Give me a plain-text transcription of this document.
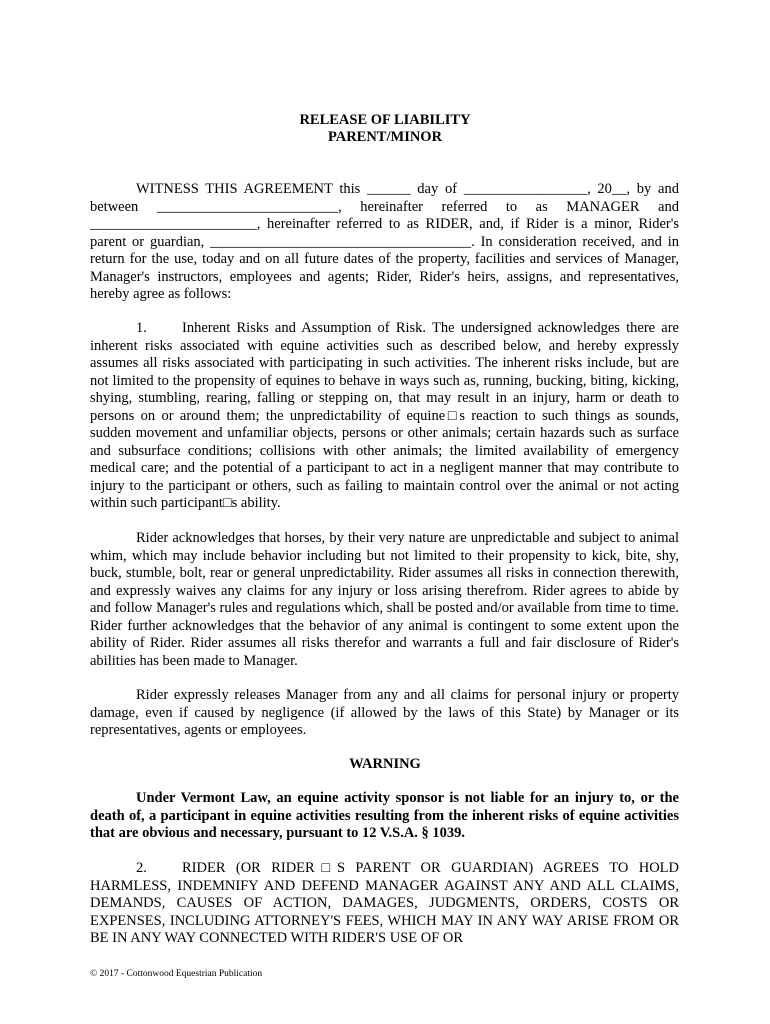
RELEASE OF LIABILITY
PARENT/MINOR
WITNESS THIS AGREEMENT this ______ day of _________________, 20__, by and between _________________________, hereinafter referred to as MANAGER and _______________________, hereinafter referred to as RIDER, and, if Rider is a minor, Rider's parent or guardian, ____________________________________. In consideration received, and in return for the use, today and on all future dates of the property, facilities and services of Manager, Manager's instructors, employees and agents; Rider, Rider's heirs, assigns, and representatives, hereby agree as follows:
1. Inherent Risks and Assumption of Risk. The undersigned acknowledges there are inherent risks associated with equine activities such as described below, and hereby expressly assumes all risks associated with participating in such activities. The inherent risks include, but are not limited to the propensity of equines to behave in ways such as, running, bucking, biting, kicking, shying, stumbling, rearing, falling or stepping on, that may result in an injury, harm or death to persons on or around them; the unpredictability of equine□s reaction to such things as sounds, sudden movement and unfamiliar objects, persons or other animals; certain hazards such as surface and subsurface conditions; collisions with other animals; the limited availability of emergency medical care; and the potential of a participant to act in a negligent manner that may contribute to injury to the participant or others, such as failing to maintain control over the animal or not acting within such participant□s ability.
Rider acknowledges that horses, by their very nature are unpredictable and subject to animal whim, which may include behavior including but not limited to their propensity to kick, bite, shy, buck, stumble, bolt, rear or general unpredictability. Rider assumes all risks in connection therewith, and expressly waives any claims for any injury or loss arising therefrom. Rider agrees to abide by and follow Manager's rules and regulations which, shall be posted and/or available from time to time. Rider further acknowledges that the behavior of any animal is contingent to some extent upon the ability of Rider. Rider assumes all risks therefor and warrants a full and fair disclosure of Rider's abilities has been made to Manager.
Rider expressly releases Manager from any and all claims for personal injury or property damage, even if caused by negligence (if allowed by the laws of this State) by Manager or its representatives, agents or employees.
WARNING
Under Vermont Law, an equine activity sponsor is not liable for an injury to, or the death of, a participant in equine activities resulting from the inherent risks of equine activities that are obvious and necessary, pursuant to 12 V.S.A. § 1039.
2. RIDER (OR RIDER□S PARENT OR GUARDIAN) AGREES TO HOLD HARMLESS, INDEMNIFY AND DEFEND MANAGER AGAINST ANY AND ALL CLAIMS, DEMANDS, CAUSES OF ACTION, DAMAGES, JUDGMENTS, ORDERS, COSTS OR EXPENSES, INCLUDING ATTORNEY'S FEES, WHICH MAY IN ANY WAY ARISE FROM OR BE IN ANY WAY CONNECTED WITH RIDER'S USE OF OR
© 2017 - Cottonwood Equestrian Publication
